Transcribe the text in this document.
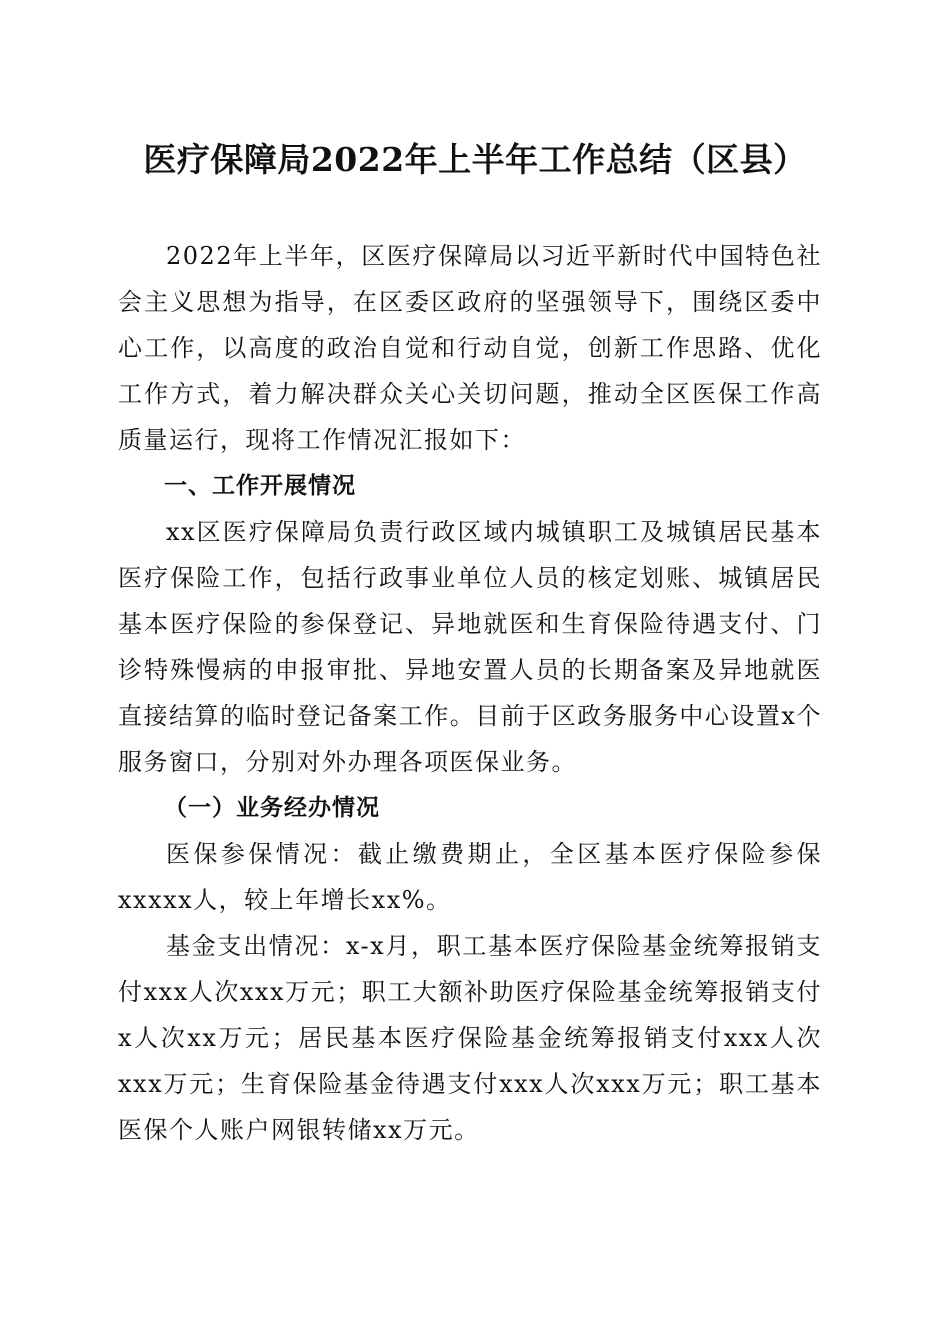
医疗保障局2022年上半年工作总结（区县）

2022年上半年，区医疗保障局以习近平新时代中国特色社会主义思想为指导，在区委区政府的坚强领导下，围绕区委中心工作，以高度的政治自觉和行动自觉，创新工作思路、优化工作方式，着力解决群众关心关切问题，推动全区医保工作高质量运行，现将工作情况汇报如下：

一、工作开展情况

xx区医疗保障局负责行政区域内城镇职工及城镇居民基本医疗保险工作，包括行政事业单位人员的核定划账、城镇居民基本医疗保险的参保登记、异地就医和生育保险待遇支付、门诊特殊慢病的申报审批、异地安置人员的长期备案及异地就医直接结算的临时登记备案工作。目前于区政务服务中心设置x个服务窗口，分别对外办理各项医保业务。

（一）业务经办情况

医保参保情况：截止缴费期止，全区基本医疗保险参保xxxxx人，较上年增长xx%。

基金支出情况：x-x月，职工基本医疗保险基金统筹报销支付xxx人次xxx万元；职工大额补助医疗保险基金统筹报销支付x人次xx万元；居民基本医疗保险基金统筹报销支付xxx人次xxx万元；生育保险基金待遇支付xxx人次xxx万元；职工基本医保个人账户网银转储xx万元。
